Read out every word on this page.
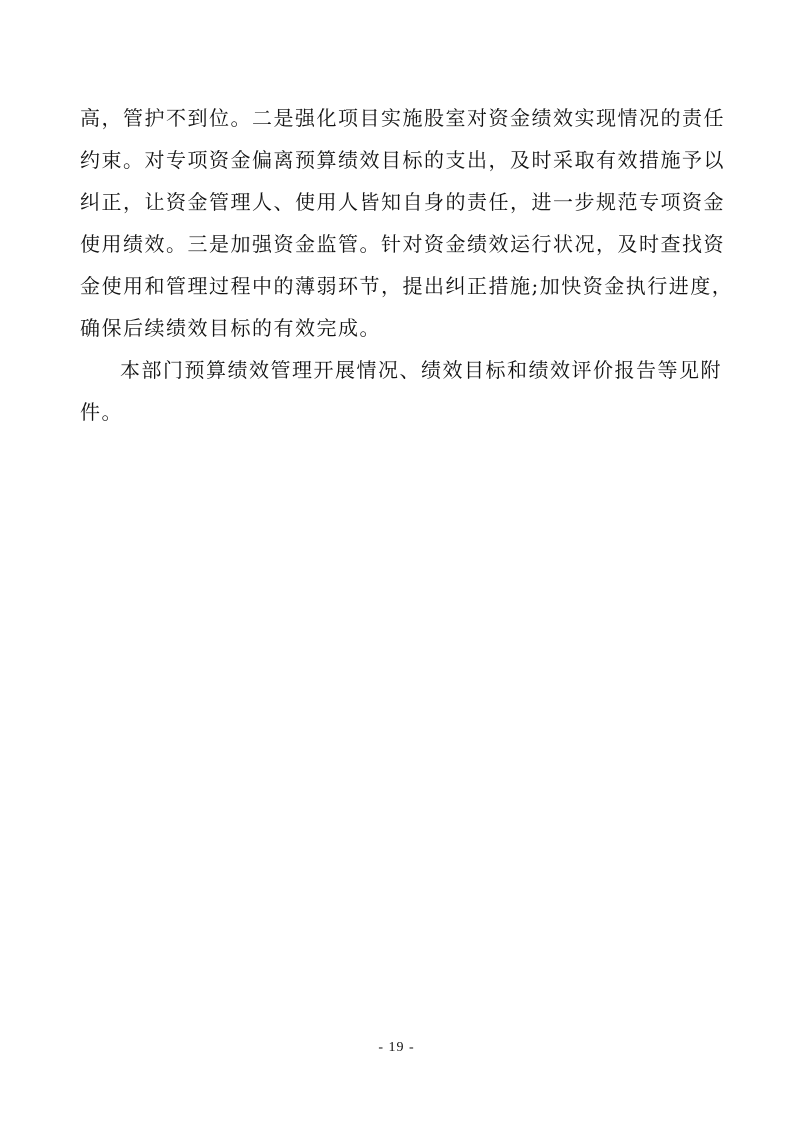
高，管护不到位。二是强化项目实施股室对资金绩效实现情况的责任
约束。对专项资金偏离预算绩效目标的支出，及时采取有效措施予以
纠正，让资金管理人、使用人皆知自身的责任，进一步规范专项资金
使用绩效。三是加强资金监管。针对资金绩效运行状况，及时查找资
金使用和管理过程中的薄弱环节，提出纠正措施;加快资金执行进度，
确保后续绩效目标的有效完成。
本部门预算绩效管理开展情况、绩效目标和绩效评价报告等见附
件。
- 19 -
